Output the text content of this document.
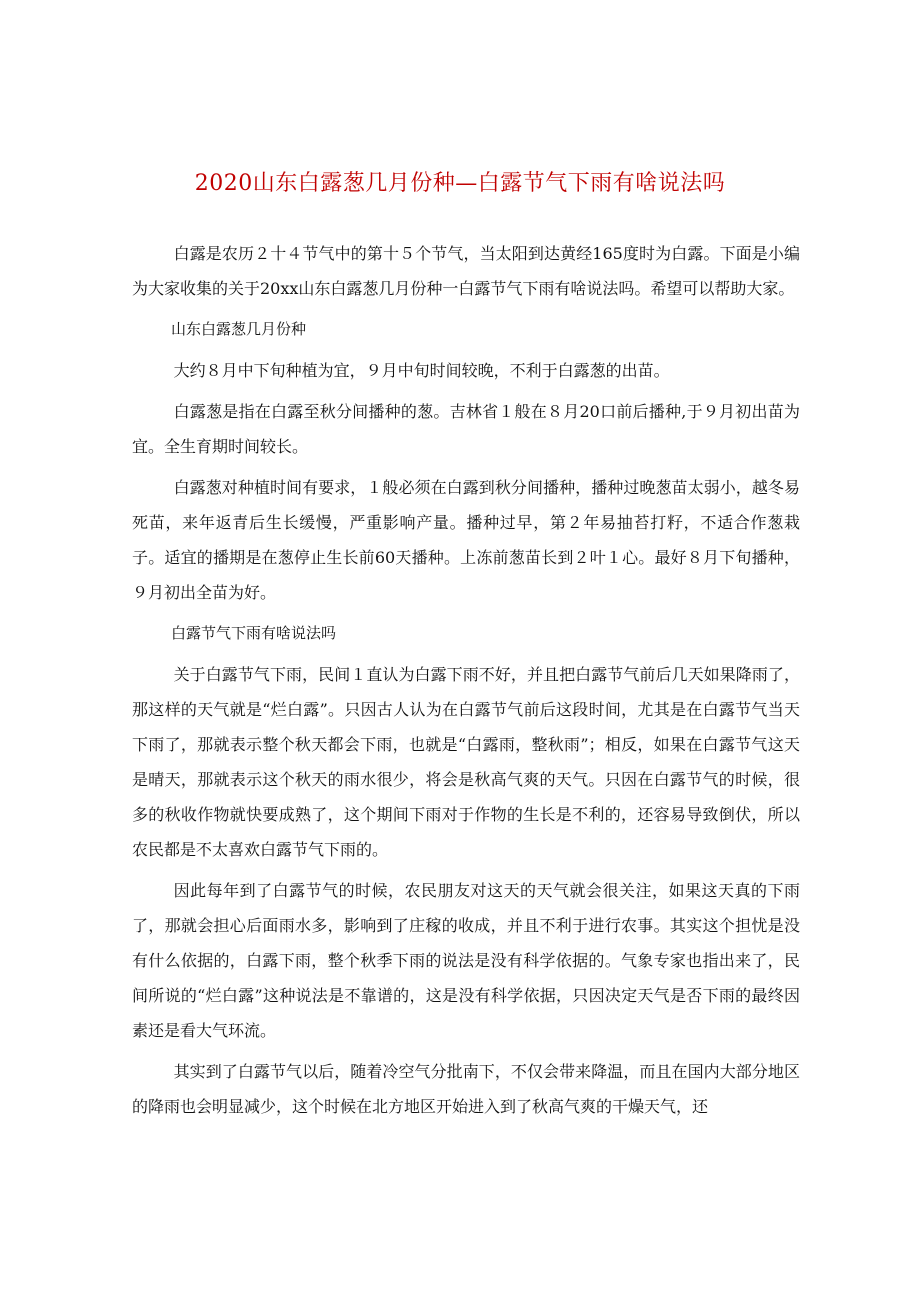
2020山东白露葱几月份种—白露节气下雨有啥说法吗

白露是农历２十４节气中的第十５个节气，当太阳到达黄经165度时为白露。下面是小编为大家收集的关于20xx山东白露葱几月份种一白露节气下雨有啥说法吗。希望可以帮助大家。

山东白露葱几月份种

大约８月中下旬种植为宜，９月中旬时间较晚，不利于白露葱的出苗。

白露葱是指在白露至秋分间播种的葱。吉林省１般在８月20口前后播种,于９月初出苗为宜。全生育期时间较长。

白露葱对种植时间有要求，１般必须在白露到秋分间播种，播种过晚葱苗太弱小，越冬易死苗，来年返青后生长缓慢，严重影响产量。播种过早，第２年易抽苔打籽，不适合作葱栽子。适宜的播期是在葱停止生长前60天播种。上冻前葱苗长到２叶１心。最好８月下旬播种，９月初出全苗为好。

白露节气下雨有啥说法吗

关于白露节气下雨，民间１直认为白露下雨不好，并且把白露节气前后几天如果降雨了，那这样的天气就是“烂白露”。只因古人认为在白露节气前后这段时间，尤其是在白露节气当天下雨了，那就表示整个秋天都会下雨，也就是“白露雨，整秋雨”；相反，如果在白露节气这天是晴天，那就表示这个秋天的雨水很少，将会是秋高气爽的天气。只因在白露节气的时候，很多的秋收作物就快要成熟了，这个期间下雨对于作物的生长是不利的，还容易导致倒伏，所以农民都是不太喜欢白露节气下雨的。

因此每年到了白露节气的时候，农民朋友对这天的天气就会很关注，如果这天真的下雨了，那就会担心后面雨水多，影响到了庄稼的收成，并且不利于进行农事。其实这个担忧是没有什么依据的，白露下雨，整个秋季下雨的说法是没有科学依据的。气象专家也指出来了，民间所说的“烂白露”这种说法是不靠谱的，这是没有科学依据，只因决定天气是否下雨的最终因素还是看大气环流。

其实到了白露节气以后，随着冷空气分批南下，不仅会带来降温，而且在国内大部分地区的降雨也会明显减少，这个时候在北方地区开始进入到了秋高气爽的干燥天气，还
